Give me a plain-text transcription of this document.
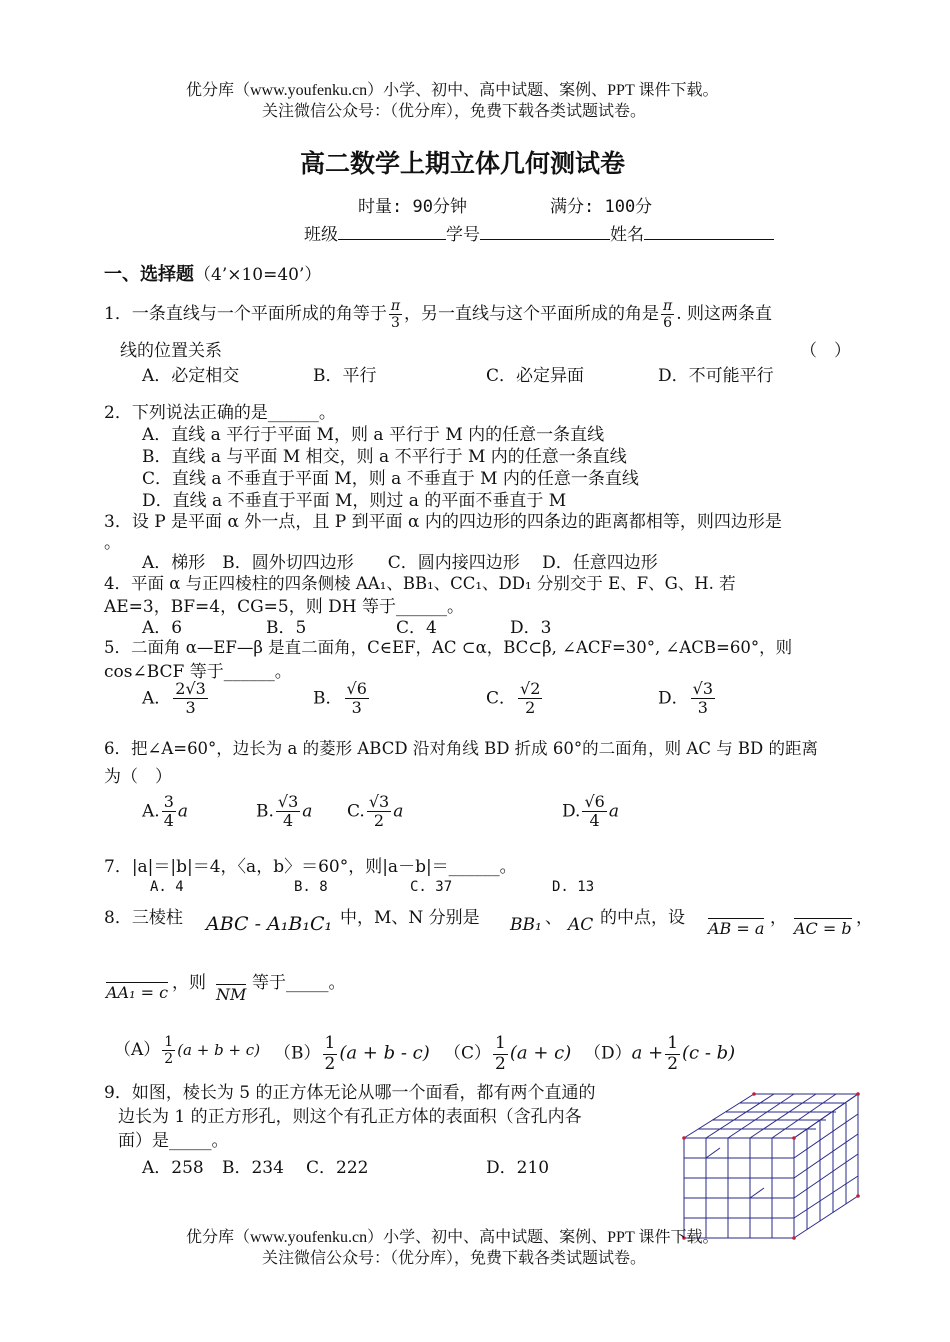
优分库（www.youfenku.cn）小学、初中、高中试题、案例、PPT 课件下载。
关注微信公众号：（优分库），免费下载各类试题试卷。
高二数学上期立体几何测试卷
时量: 90分钟	满分: 100分
班级	学号	姓名
一、选择题（4’×10=40’）
1．一条直线与一个平面所成的角等于 $\frac{\pi}{3}$ ，另一直线与这个平面所成的角是 $\frac{\pi}{6}$ . 则这两条直
线的位置关系	（　）
A．必定相交	B．平行	C．必定异面	D．不可能平行
2．下列说法正确的是______。
A．直线 a 平行于平面 M，则 a 平行于 M 内的任意一条直线
B．直线 a 与平面 M 相交，则 a 不平行于 M 内的任意一条直线
C．直线 a 不垂直于平面 M，则 a 不垂直于 M 内的任意一条直线
D．直线 a 不垂直于平面 M，则过 a 的平面不垂直于 M
3．设 P 是平面 α 外一点，且 P 到平面 α 内的四边形的四条边的距离都相等，则四边形是
。
A．梯形　B．圆外切四边形　　C．圆内接四边形　 D．任意四边形
4．平面 α 与正四棱柱的四条侧棱 AA₁、BB₁、CC₁、DD₁ 分别交于 E、F、G、H. 若
AE=3，BF=4，CG=5，则 DH 等于______。
A．6	B．5	C．4	D．3
5．二面角 α—EF—β 是直二面角，C∈EF，AC ⊂α，BC⊂β, ∠ACF=30°, ∠ACB=60°，则
cos∠BCF 等于______。
A． $\frac{2√3}{3}$	B． $\frac{√6}{3}$	C． $\frac{√2}{2}$	D． $\frac{√3}{3}$
6．把∠A=60°，边长为 a 的菱形 ABCD 沿对角线 BD 折成 60°的二面角，则 AC 与 BD 的距离
为（　）
A. $\frac{3}{4}$ a	B. $\frac{√3}{4}$ a C. $\frac{√3}{2}$ a	D. $\frac{√6}{4}$ a
7．|a|＝|b|＝4，〈a，b〉＝60°，则|a－b|＝______。
A. 4	B. 8	C. 37	D. 13
8．三棱柱 ABC - A₁B₁C₁ 中，M、N 分别是 BB₁ 、 AC 的中点，设
AB = a
，
AC = b
，
AA₁ = c ，则
NM
等于_____。
$(A) \frac{1}{2} (a + b + c)$ $(B) \frac{1}{2} (a + b - c)$ $(C) \frac{1}{2} (a + c) (D)a + \frac{1}{2} (c - b)$
9．如图，棱长为 5 的正方体无论从哪一个面看，都有两个直通的
边长为 1 的正方形孔，则这个有孔正方体的表面积（含孔内各
面）是_____。
A．258 B．234 C．222	D．210
优分库（www.youfenku.cn）小学、初中、高中试题、案例、PPT 课件下载。
关注微信公众号：（优分库），免费下载各类试题试卷。
